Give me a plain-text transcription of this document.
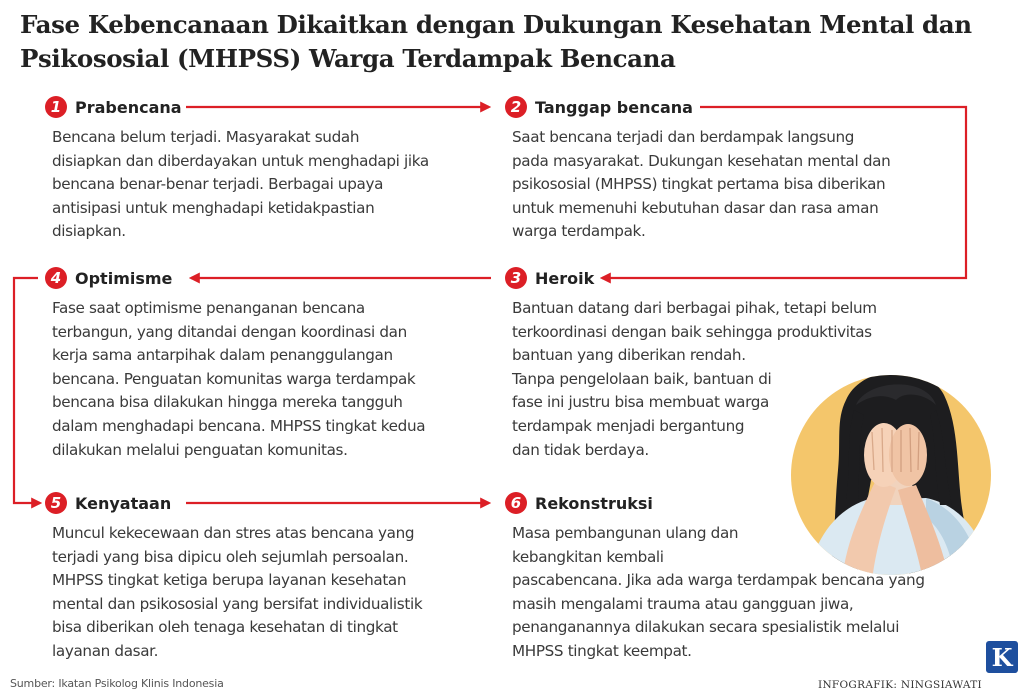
Fase Kebencanaan Dikaitkan dengan Dukungan Kesehatan Mental dan Psikososial (MHPSS) Warga Terdampak Bencana
1 Prabencana

Bencana belum terjadi. Masyarakat sudah

disiapkan dan diberdayakan untuk menghadapi jika

bencana benar-benar terjadi. Berbagai upaya

antisipasi untuk menghadapi ketidakpastian

disiapkan.

2 Tanggap bencana

Saat bencana terjadi dan berdampak langsung

pada masyarakat. Dukungan kesehatan mental dan

psikososial (MHPSS) tingkat pertama bisa diberikan

untuk memenuhi kebutuhan dasar dan rasa aman

warga terdampak.

3 Heroik

Bantuan datang dari berbagai pihak, tetapi belum

terkoordinasi dengan baik sehingga produktivitas

bantuan yang diberikan rendah.

Tanpa pengelolaan baik, bantuan di

fase ini justru bisa membuat warga

terdampak menjadi bergantung

dan tidak berdaya.

4 Optimisme

Fase saat optimisme penanganan bencana

terbangun, yang ditandai dengan koordinasi dan

kerja sama antarpihak dalam penanggulangan

bencana. Penguatan komunitas warga terdampak

bencana bisa dilakukan hingga mereka tangguh

dalam menghadapi bencana. MHPSS tingkat kedua

dilakukan melalui penguatan komunitas.

5 Kenyataan

Muncul kekecewaan dan stres atas bencana yang

terjadi yang bisa dipicu oleh sejumlah persoalan.

MHPSS tingkat ketiga berupa layanan kesehatan

mental dan psikososial yang bersifat individualistik

bisa diberikan oleh tenaga kesehatan di tingkat

layanan dasar.

6 Rekonstruksi

Masa pembangunan ulang dan

kebangkitan kembali

pascabencana. Jika ada warga terdampak bencana yang

masih mengalami trauma atau gangguan jiwa,

penanganannya dilakukan secara spesialistik melalui

MHPSS tingkat keempat.

Sumber: Ikatan Psikolog Klinis Indonesia
K
INFOGRAFIK: NINGSIAWATI
